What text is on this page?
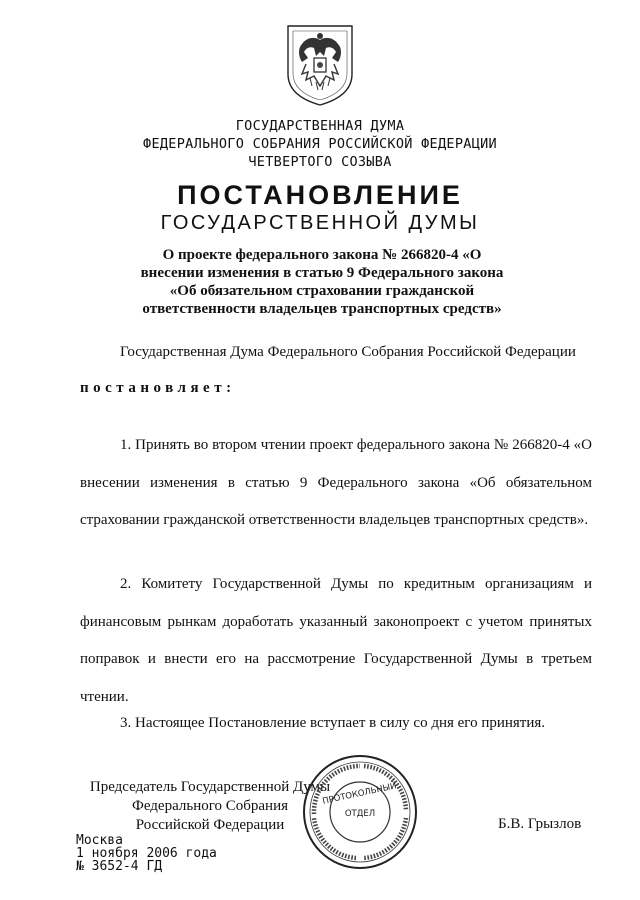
ГОСУДАРСТВЕННАЯ ДУМА
ФЕДЕРАЛЬНОГО СОБРАНИЯ РОССИЙСКОЙ ФЕДЕРАЦИИ
ЧЕТВЕРТОГО СОЗЫВА
ПОСТАНОВЛЕНИЕ
ГОСУДАРСТВЕННОЙ ДУМЫ
О проекте федерального закона № 266820-4 «О внесении изменения в статью 9 Федерального закона «Об обязательном страховании гражданской ответственности владельцев транспортных средств»
Государственная Дума Федерального Собрания Российской Федерации
постановляет:
1. Принять во втором чтении проект федерального закона № 266820-4 «О внесении изменения в статью 9 Федерального закона «Об обязательном страховании гражданской ответственности владельцев транспортных средств».
2. Комитету Государственной Думы по кредитным организациям и финансовым рынкам доработать указанный законопроект с учетом принятых поправок и внести его на рассмотрение Государственной Думы в третьем чтении.
3. Настоящее Постановление вступает в силу со дня его принятия.
Председатель Государственной Думы
Федерального Собрания
Российской Федерации	Б.В. Грызлов
ПРОТОКОЛЬНЫЙ
ОТДЕЛ
Москва
1 ноября 2006 года
№ 3652-4 ГД
